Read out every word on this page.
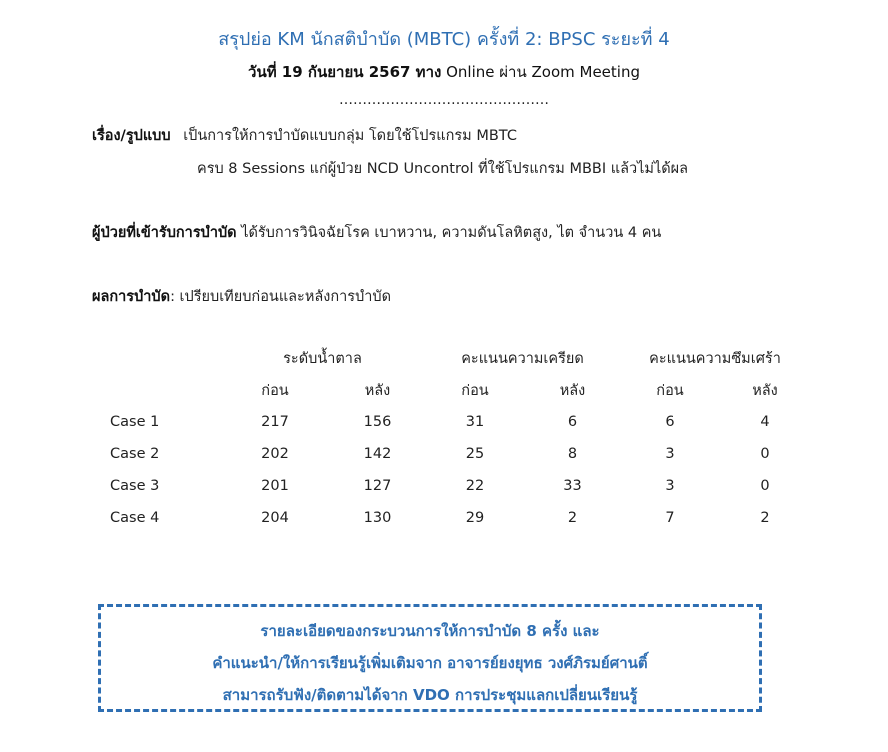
สรุปย่อ KM นักสติบำบัด (MBTC) ครั้งที่ 2: BPSC ระยะที่ 4
วันที่ 19 กันยายน 2567 ทาง Online ผ่าน Zoom Meeting
………………………………………
เรื่อง/รูปแบบ เป็นการให้การบำบัดแบบกลุ่ม โดยใช้โปรแกรม MBTC
ครบ 8 Sessions แก่ผู้ป่วย NCD Uncontrol ที่ใช้โปรแกรม MBBI แล้วไม่ได้ผล
ผู้ป่วยที่เข้ารับการบำบัด ได้รับการวินิจฉัยโรค เบาหวาน, ความดันโลหิตสูง, ไต จำนวน 4 คน
ผลการบำบัด: เปรียบเทียบก่อนและหลังการบำบัด
	ระดับน้ำตาล		คะแนนความเครียด		คะแนนความซึมเศร้า	
	ก่อน	หลัง	ก่อน	หลัง	ก่อน	หลัง
Case 1	217	156	31	6	6	4
Case 2	202	142	25	8	3	0
Case 3	201	127	22	33	3	0
Case 4	204	130	29	2	7	2
รายละเอียดของกระบวนการให้การบำบัด 8 ครั้ง และ
คำแนะนำ/ให้การเรียนรู้เพิ่มเติมจาก อาจารย์ยงยุทธ วงศ์ภิรมย์ศานติ์
สามารถรับฟัง/ติดตามได้จาก VDO การประชุมแลกเปลี่ยนเรียนรู้
